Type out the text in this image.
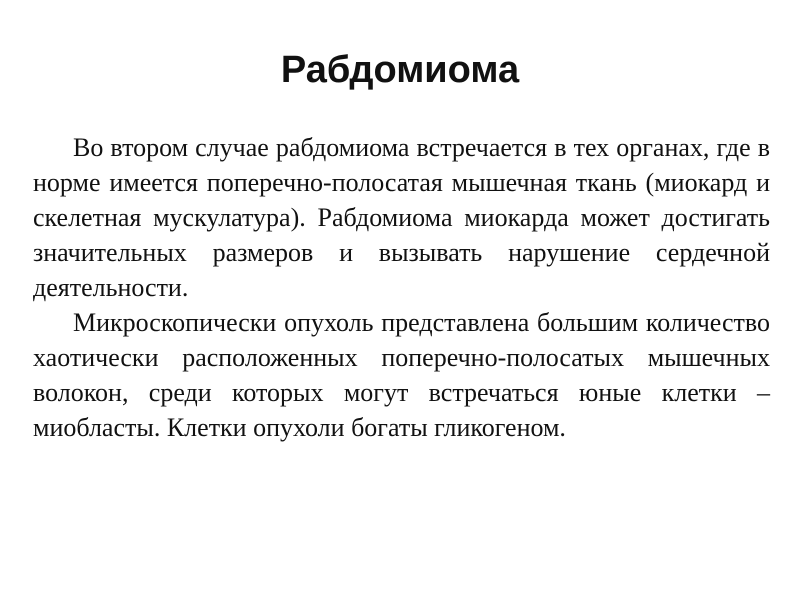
Рабдомиома

Во втором случае рабдомиома встречается в тех органах, где в норме имеется поперечно-полосатая мышечная ткань (миокард и скелетная мускулатура). Рабдомиома миокарда может достигать значительных размеров и вызывать нарушение сердечной деятельности.

Микроскопически опухоль представлена большим количество хаотически расположенных поперечно-полосатых мышечных волокон, среди которых могут встречаться юные клетки – миобласты. Клетки опухоли богаты гликогеном.
